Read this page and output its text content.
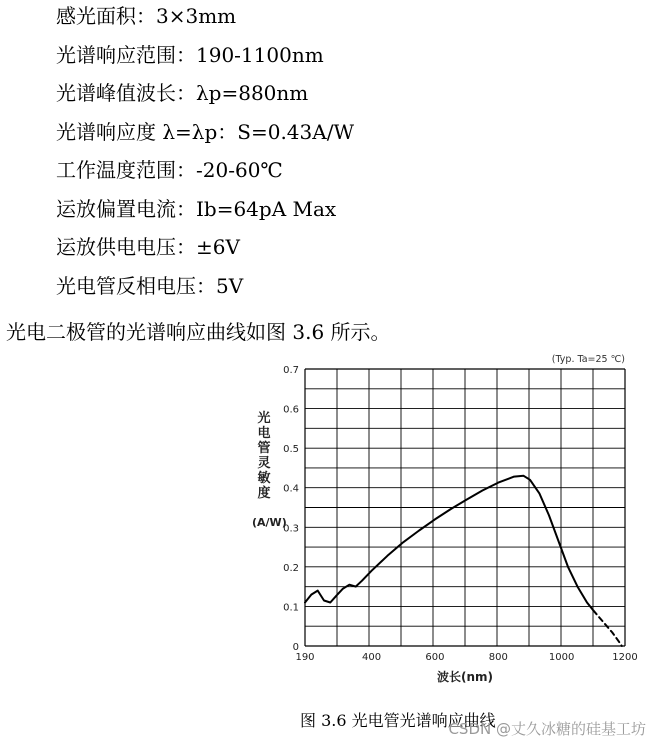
感光面积：3×3mm
光谱响应范围：190-1100nm
光谱峰值波长：λp=880nm
光谱响应度 λ=λp：S=0.43A/W
工作温度范围：-20-60℃
运放偏置电流：Ib=64pA Max
运放供电电压：±6V
光电管反相电压：5V
光电二极管的光谱响应曲线如图 3.6 所示。
0
0.1
0.2
0.3
0.4
0.5
0.6
0.7
190	400	600	800	1000	1200
(Typ. Ta=25 ℃)
光
电
管
灵
敏
度
(A/W)
波长(nm)
图 3.6 光电管光谱响应曲线
CSDN @丈久冰糖的硅基工坊
